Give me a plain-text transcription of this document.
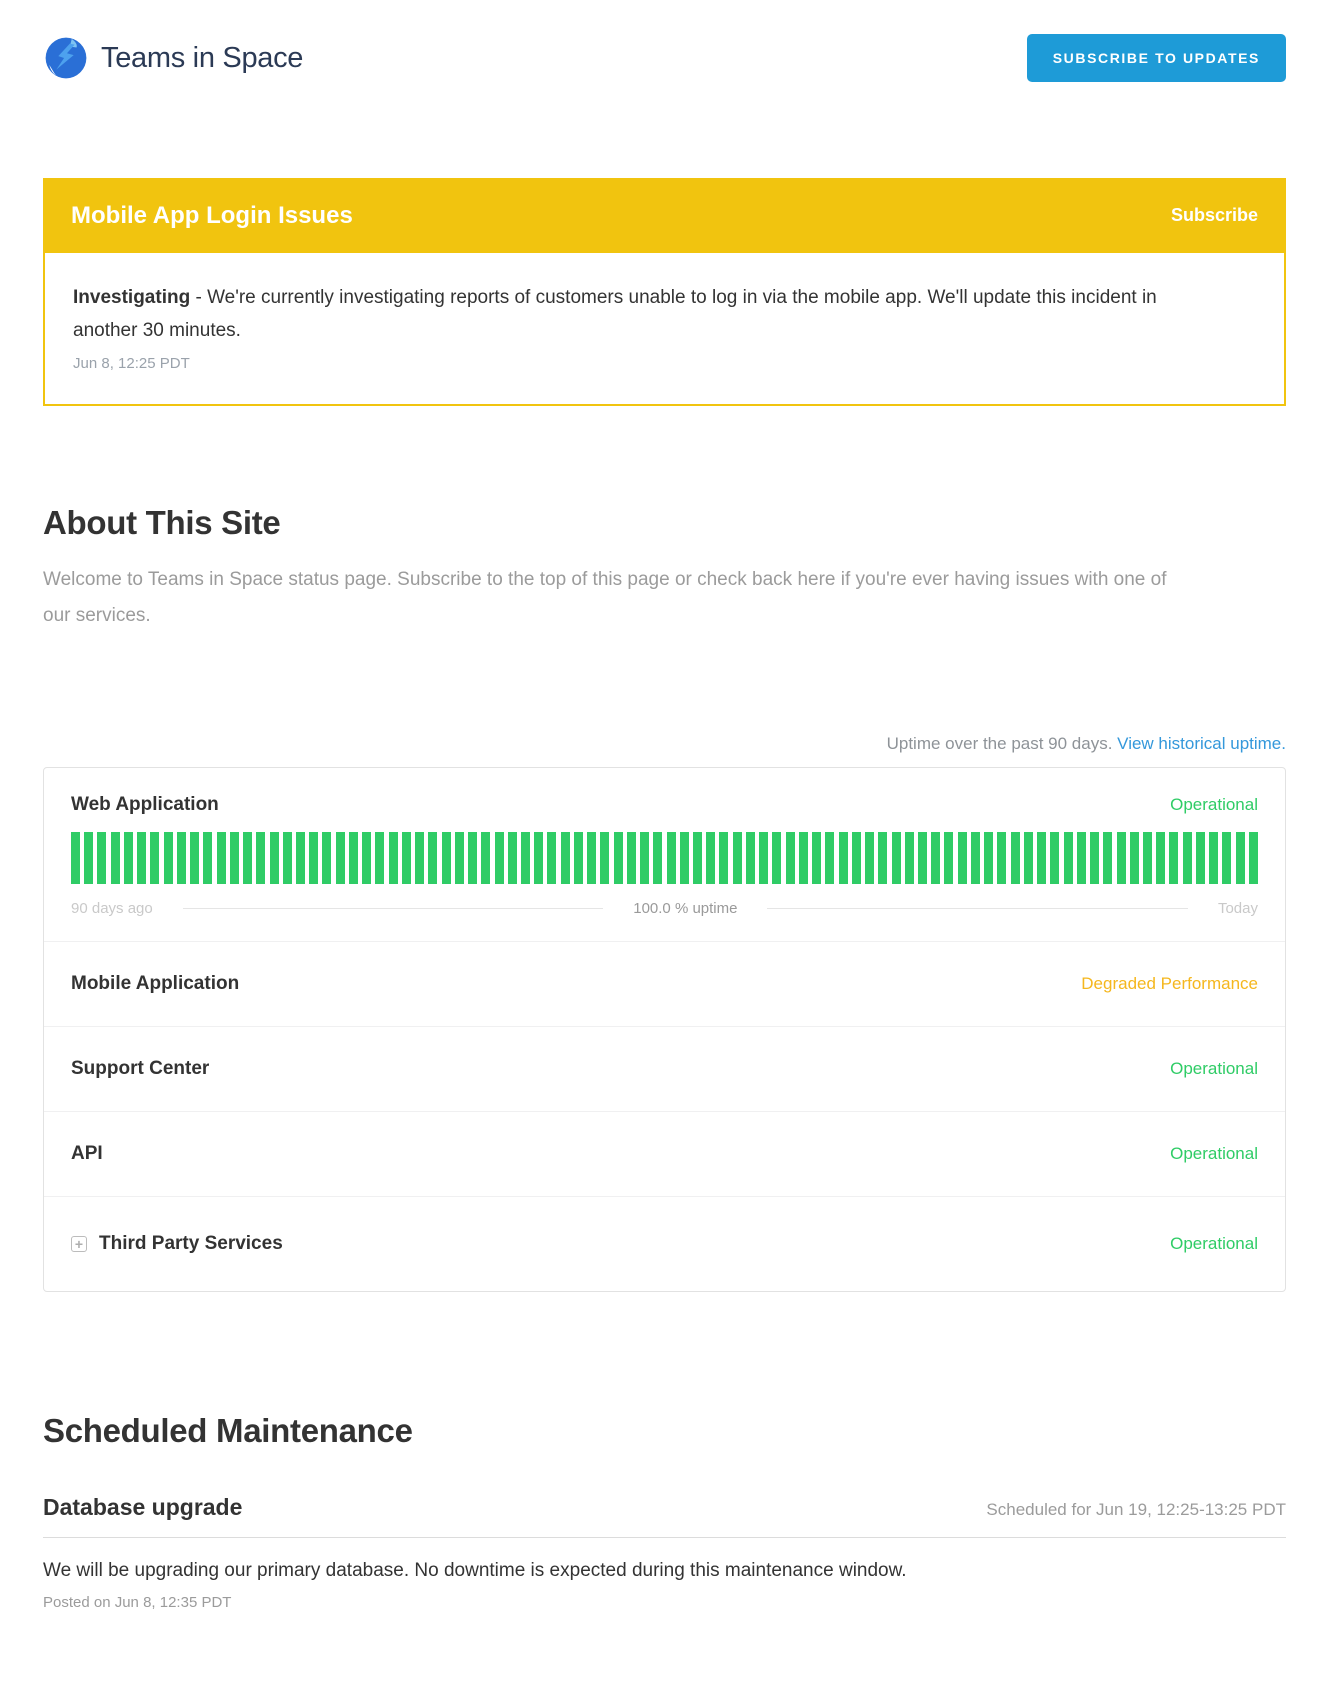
Teams in Space	SUBSCRIBE TO UPDATES
Mobile App Login Issues	Subscribe

Investigating - We're currently investigating reports of customers unable to log in via the mobile app. We'll update this incident in another 30 minutes.

Jun 8, 12:25 PDT
About This Site

Welcome to Teams in Space status page. Subscribe to the top of this page or check back here if you're ever having issues with one of our services.

Uptime over the past 90 days. View historical uptime.
Web Application	Operational
90 days ago	100.0 % uptime	Today
Mobile Application	Degraded Performance
Support Center	Operational
API	Operational
+ Third Party Services	Operational
Scheduled Maintenance
Database upgrade	Scheduled for Jun 19, 12:25-13:25 PDT

We will be upgrading our primary database. No downtime is expected during this maintenance window.

Posted on Jun 8, 12:35 PDT
